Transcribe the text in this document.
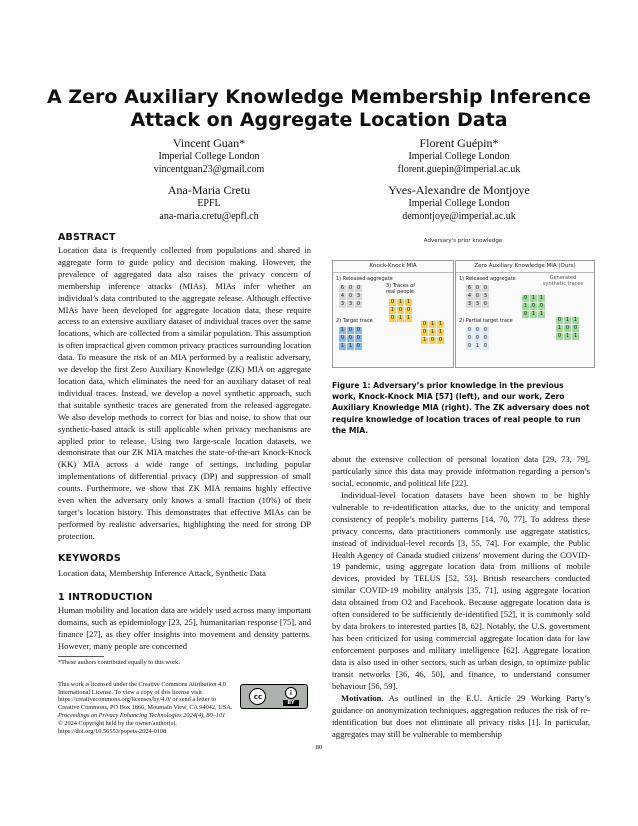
A Zero Auxiliary Knowledge Membership Inference Attack on Aggregate Location Data
Vincent Guan*
Imperial College London
vincentguan23@gmail.com
Florent Guépin*
Imperial College London
florent.guepin@imperial.ac.uk
Ana-Maria Cretu
EPFL
ana-maria.cretu@epfl.ch
Yves-Alexandre de Montjoye
Imperial College London
demontjoye@imperial.ac.uk
ABSTRACT
Location data is frequently collected from populations and shared in aggregate form to guide policy and decision making. However, the prevalence of aggregated data also raises the privacy concern of membership inference attacks (MIAs). MIAs infer whether an individual’s data contributed to the aggregate release. Although effective MIAs have been developed for aggregate location data, these require access to an extensive auxiliary dataset of individual traces over the same locations, which are collected from a similar population. This assumption is often impractical given common privacy practices surrounding location data. To measure the risk of an MIA performed by a realistic adversary, we develop the first Zero Auxiliary Knowledge (ZK) MIA on aggregate location data, which eliminates the need for an auxiliary dataset of real individual traces. Instead, we develop a novel synthetic approach, such that suitable synthetic traces are generated from the released aggregate. We also develop methods to correct for bias and noise, to show that our synthetic-based attack is still applicable when privacy mechanisms are applied prior to release. Using two large-scale location datasets, we demonstrate that our ZK MIA matches the state-of-the-art Knock-Knock (KK) MIA across a wide range of settings, including popular implementations of differential privacy (DP) and suppression of small counts. Furthermore, we show that ZK MIA remains highly effective even when the adversary only knows a small fraction (10%) of their target’s location history. This demonstrates that effective MIAs can be performed by realistic adversaries, highlighting the need for strong DP protection.
KEYWORDS
Location data, Membership Inference Attack, Synthetic Data
1 INTRODUCTION
Human mobility and location data are widely used across many important domains, such as epidemiology [23, 25], humanitarian response [75], and finance [27], as they offer insights into movement and density patterns. However, many people are concerned
*These authors contributed equally to this work.
This work is licensed under the Creative Commons Attribution 4.0 International License. To view a copy of this license visit https://creativecommons.org/licenses/by/4.0/ or send a letter to Creative Commons, PO Box 1866, Mountain View, CA 94042, USA.
cc	i
BY
Proceedings on Privacy Enhancing Technologies 2024(4), 80–101
© 2024 Copyright held by the owner/author(s).
https://doi.org/10.56553/popets-2024-0108
Adversary's prior knowledge
Knock-Knock MIA
1) Released aggregate
6 0 0
4 0 3
3 3 0
3) Traces of real people
0 1 1
1 0 0
0 1 1
0 1 1
0 1 1
1 0 0
2) Target trace
1 0 0
0 0 0
1 1 0
Zero Auxiliary Knowledge MIA (Ours)
1) Released aggregate
6 0 0
4 0 3
3 3 0
Generated synthetic traces
0 1 1
1 0 0
0 1 1
0 1 1
1 0 0
0 1 1
2) Partial target trace
0 0 0
0 0 0
0 1 0
Figure 1: Adversary’s prior knowledge in the previous work, Knock-Knock MIA [57] (left), and our work, Zero Auxiliary Knowledge MIA (right). The ZK adversary does not require knowledge of location traces of real people to run the MIA.
about the extensive collection of personal location data [29, 73, 79], particularly since this data may provide information regarding a person’s social, economic, and political life [22].
Individual-level location datasets have been shown to be highly vulnerable to re-identification attacks, due to the unicity and temporal consistency of people’s mobility patterns [14, 70, 77]. To address these privacy concerns, data practitioners commonly use aggregate statistics, instead of individual-level records [3, 55, 74]. For example, the Public Health Agency of Canada studied citizens’ movement during the COVID-19 pandemic, using aggregate location data from millions of mobile devices, provided by TELUS [52, 53]. British researchers conducted similar COVID-19 mobility analysis [35, 71], using aggregate location data obtained from O2 and Facebook. Because aggregate location data is often considered to be sufficiently de-identified [52], it is commonly sold by data brokers to interested parties [8, 62]. Notably, the U.S. government has been criticized for using commercial aggregate location data for law enforcement purposes and military intelligence [62]. Aggregate location data is also used in other sectors, such as urban design, to optimize public transit networks [36, 46, 50], and finance, to understand consumer behaviour [56, 59].
Motivation. As outlined in the E.U. Article 29 Working Party’s guidance on anonymization techniques, aggregation reduces the risk of re-identification but does not eliminate all privacy risks [1]. In particular, aggregates may still be vulnerable to membership
80
